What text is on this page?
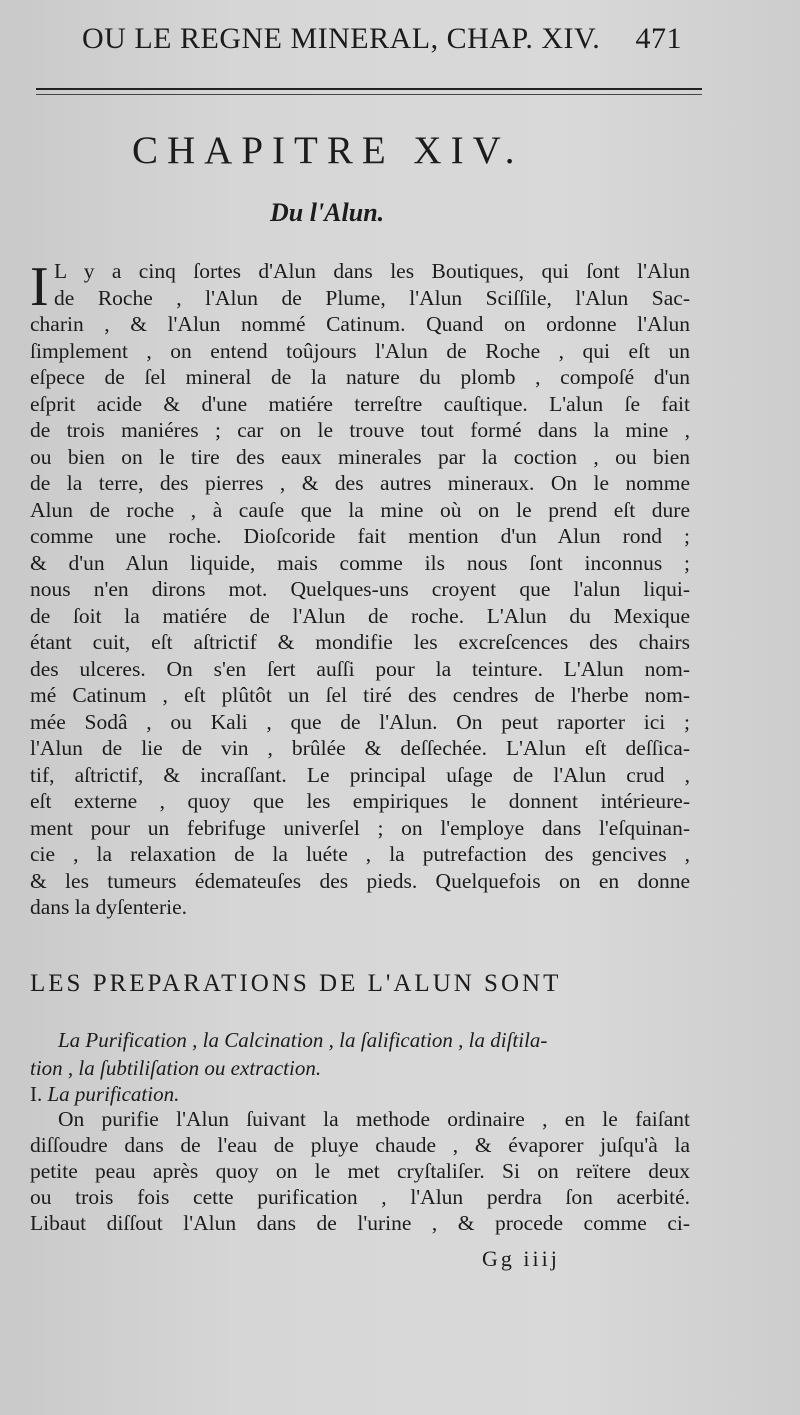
OU LE REGNE MINERAL, CHAP. XIV. 471
CHAPITRE XIV.
Du l'Alun.
I L y a cinq ſortes d'Alun dans les Boutiques, qui ſont l'Alun
de Roche , l'Alun de Plume, l'Alun Sciſſile, l'Alun Sac-
charin , & l'Alun nommé Catinum. Quand on ordonne l'Alun
ſimplement , on entend toûjours l'Alun de Roche , qui eſt un
eſpece de ſel mineral de la nature du plomb , compoſé d'un
eſprit acide & d'une matiére terreſtre cauſtique. L'alun ſe fait
de trois maniéres ; car on le trouve tout formé dans la mine ,
ou bien on le tire des eaux minerales par la coction , ou bien
de la terre, des pierres , & des autres mineraux. On le nomme
Alun de roche , à cauſe que la mine où on le prend eſt dure
comme une roche. Dioſcoride fait mention d'un Alun rond ;
& d'un Alun liquide, mais comme ils nous ſont inconnus ;
nous n'en dirons mot. Quelques-uns croyent que l'alun liqui-
de ſoit la matiére de l'Alun de roche. L'Alun du Mexique
étant cuit, eſt aſtrictif & mondifie les excreſcences des chairs
des ulceres. On s'en ſert auſſi pour la teinture. L'Alun nom-
mé Catinum , eſt plûtôt un ſel tiré des cendres de l'herbe nom-
mée Sodâ , ou Kali , que de l'Alun. On peut raporter ici ;
l'Alun de lie de vin , brûlée & deſſechée. L'Alun eſt deſſica-
tif, aſtrictif, & incraſſant. Le principal uſage de l'Alun crud ,
eſt externe , quoy que les empiriques le donnent intérieure-
ment pour un febrifuge univerſel ; on l'employe dans l'eſquinan-
cie , la relaxation de la luéte , la putrefaction des gencives ,
& les tumeurs édemateuſes des pieds. Quelquefois on en donne
dans la dyſenterie.
LES PREPARATIONS DE L'ALUN SONT
La Purification , la Calcination , la ſalification , la diſtila-
tion , la ſubtiliſation ou extraction.
I. La purification.
On purifie l'Alun ſuivant la methode ordinaire , en le faiſant
diſſoudre dans de l'eau de pluye chaude , & évaporer juſqu'à la
petite peau après quoy on le met cryſtaliſer. Si on reïtere deux
ou trois fois cette purification , l'Alun perdra ſon acerbité.
Libaut diſſout l'Alun dans de l'urine , & procede comme ci-
Gg iiij
